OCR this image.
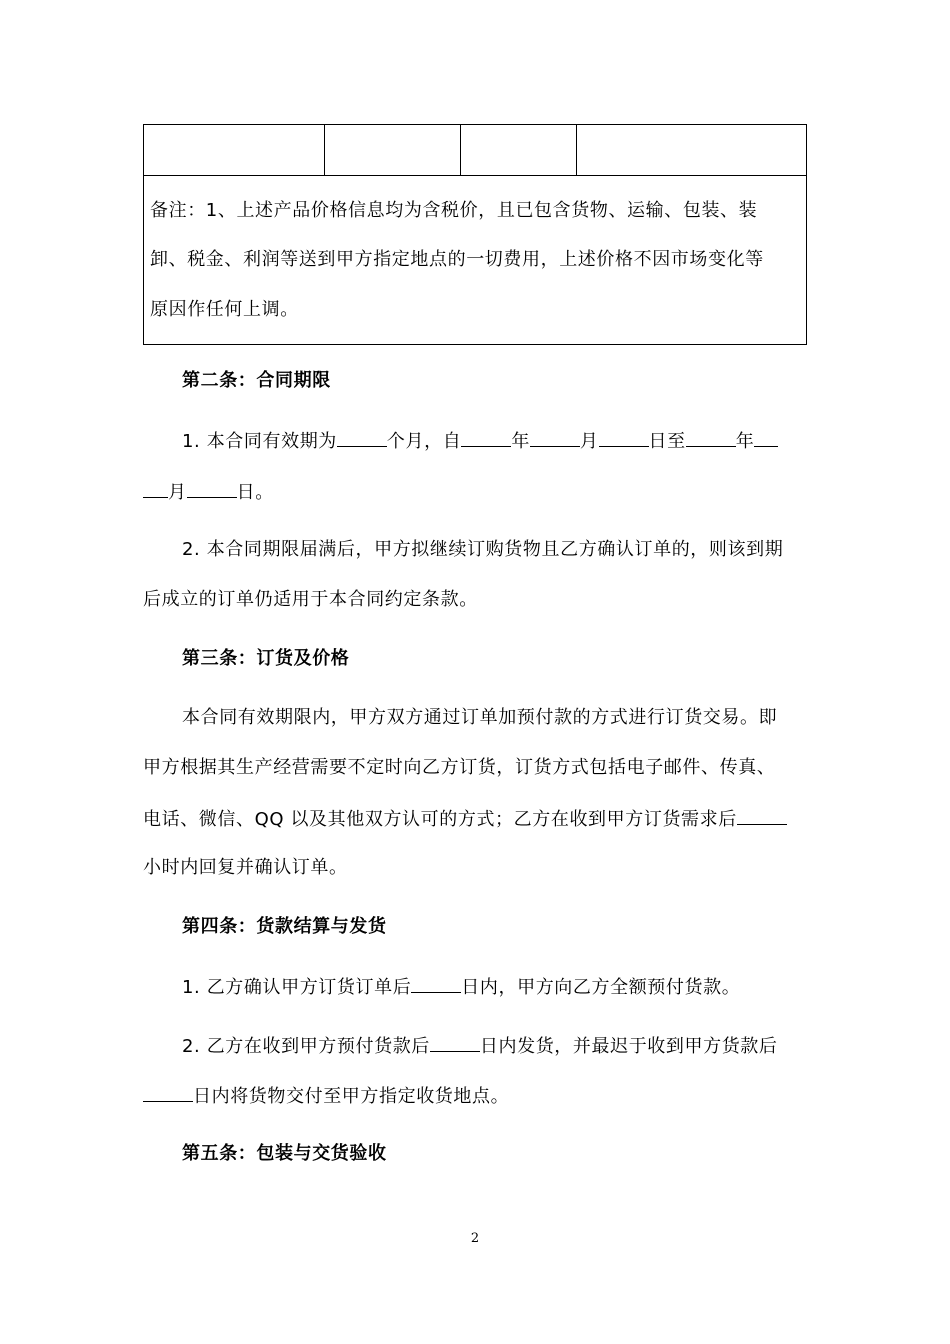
备注：1、上述产品价格信息均为含税价，且已包含货物、运输、包装、装
卸、税金、利润等送到甲方指定地点的一切费用，上述价格不因市场变化等
原因作任何上调。
第二条：合同期限
1. 本合同有效期为	个月，自	年	月	日至	年
月	日。
2. 本合同期限届满后，甲方拟继续订购货物且乙方确认订单的，则该到期
后成立的订单仍适用于本合同约定条款。
第三条：订货及价格
本合同有效期限内，甲方双方通过订单加预付款的方式进行订货交易。即
甲方根据其生产经营需要不定时向乙方订货，订货方式包括电子邮件、传真、
电话、微信、QQ 以及其他双方认可的方式；乙方在收到甲方订货需求后
小时内回复并确认订单。
第四条：货款结算与发货
1. 乙方确认甲方订货订单后	日内，甲方向乙方全额预付货款。
2. 乙方在收到甲方预付货款后	日内发货，并最迟于收到甲方货款后
日内将货物交付至甲方指定收货地点。
第五条：包装与交货验收
2
